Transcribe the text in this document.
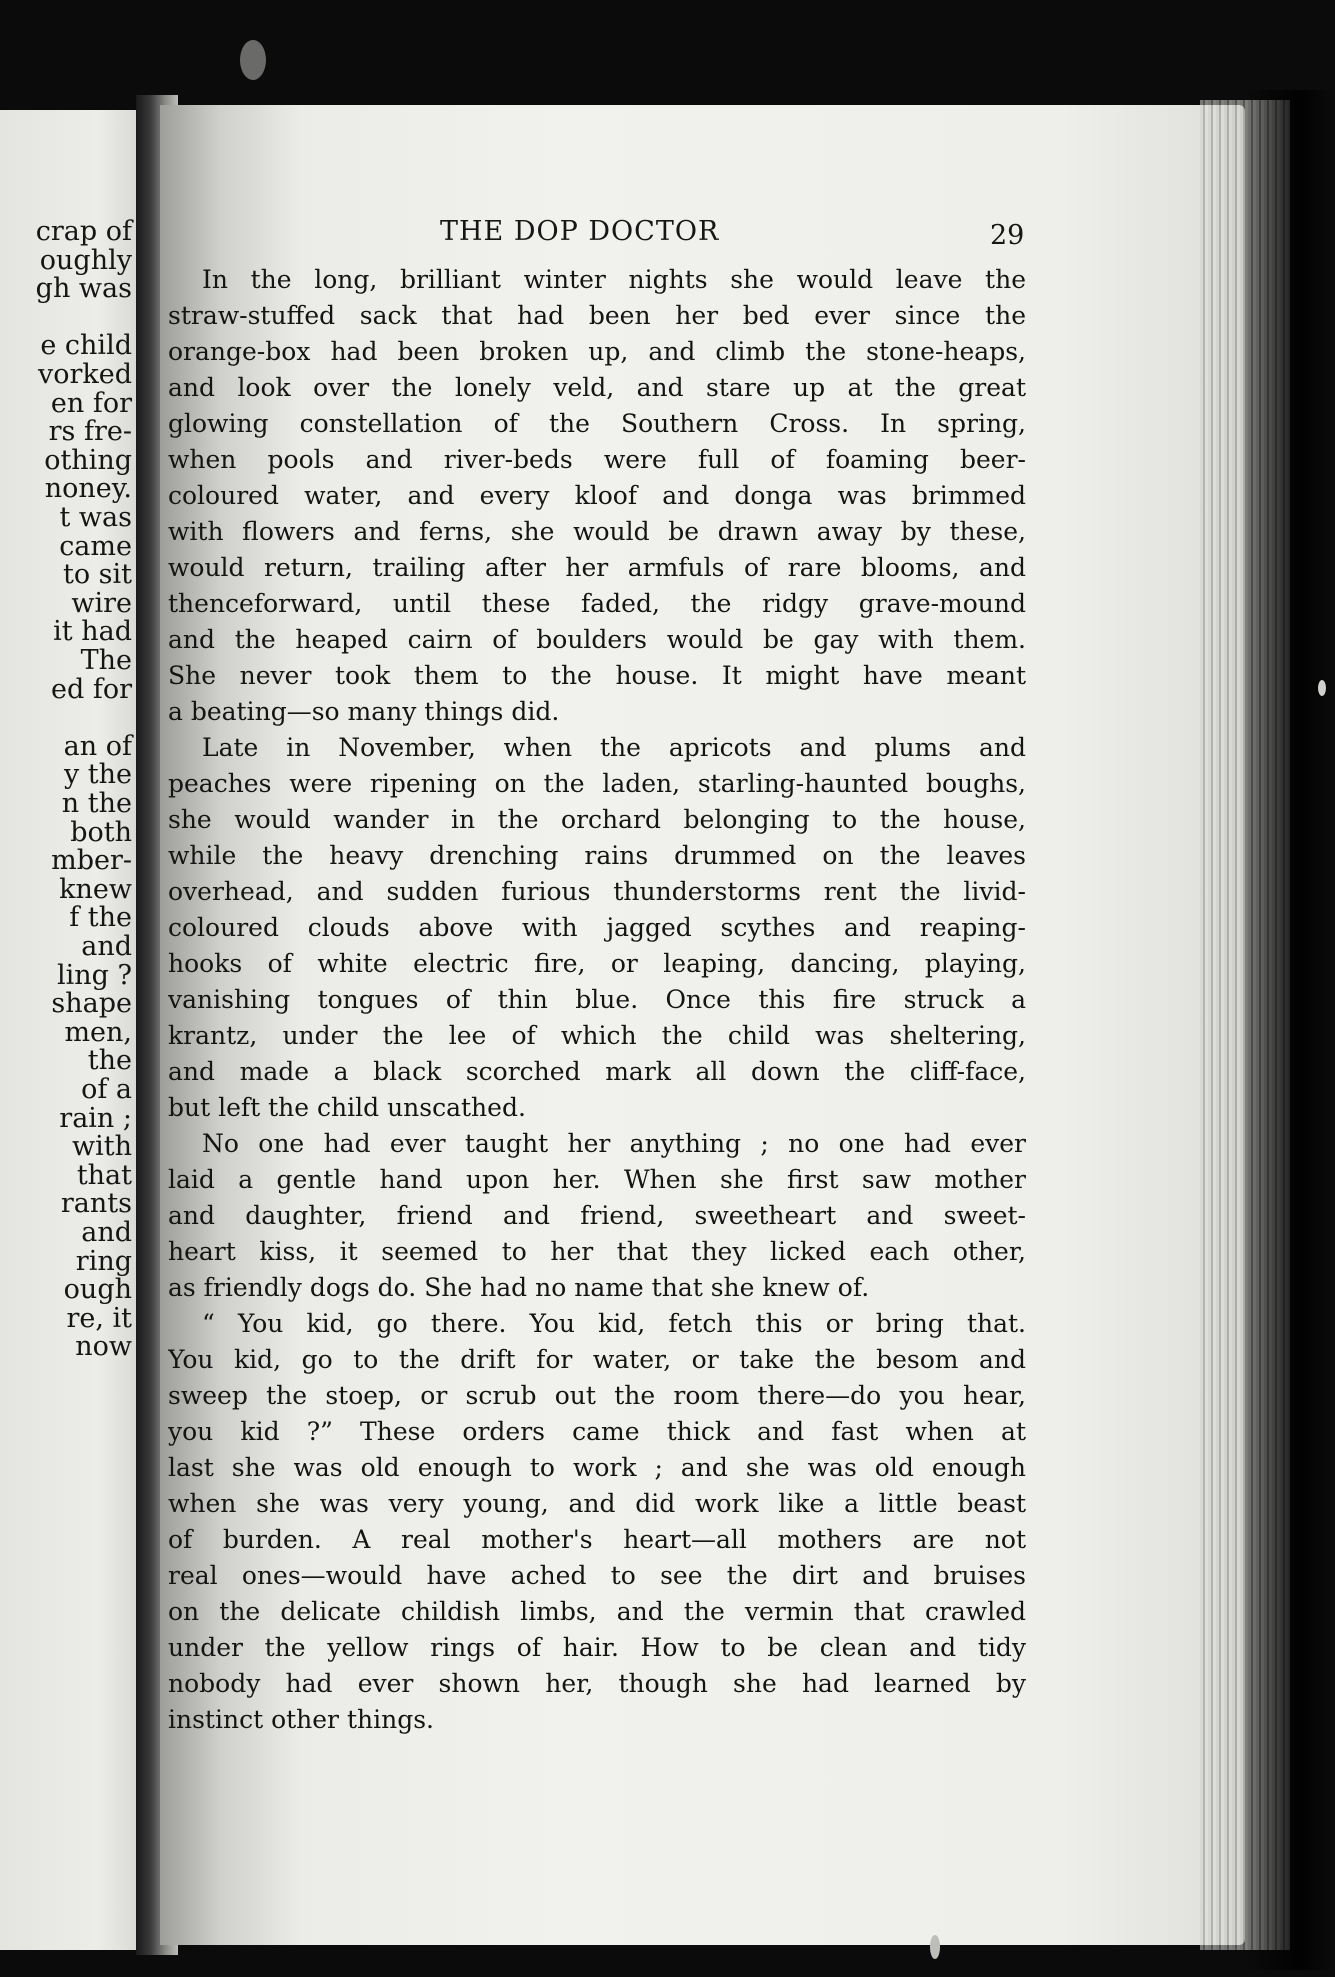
crap of
oughly
gh was
e child
vorked
en for
rs fre-
othing
noney.
t was
came
to sit
wire
it had
The
ed for
an of
y the
n the
both
mber-
knew
f the
and
ling ?
shape
men,
the
of a
rain ;
with
that
rants
and
ring
ough
re, it
now
THE DOP DOCTOR	29
In the long, brilliant winter nights she would leave the
straw-stuffed sack that had been her bed ever since the
orange-box had been broken up, and climb the stone-heaps,
and look over the lonely veld, and stare up at the great
glowing constellation of the Southern Cross. In spring,
when pools and river-beds were full of foaming beer-
coloured water, and every kloof and donga was brimmed
with flowers and ferns, she would be drawn away by these,
would return, trailing after her armfuls of rare blooms, and
thenceforward, until these faded, the ridgy grave-mound
and the heaped cairn of boulders would be gay with them.
She never took them to the house. It might have meant
a beating—so many things did.
Late in November, when the apricots and plums and
peaches were ripening on the laden, starling-haunted boughs,
she would wander in the orchard belonging to the house,
while the heavy drenching rains drummed on the leaves
overhead, and sudden furious thunderstorms rent the livid-
coloured clouds above with jagged scythes and reaping-
hooks of white electric fire, or leaping, dancing, playing,
vanishing tongues of thin blue. Once this fire struck a
krantz, under the lee of which the child was sheltering,
and made a black scorched mark all down the cliff-face,
but left the child unscathed.
No one had ever taught her anything ; no one had ever
laid a gentle hand upon her. When she first saw mother
and daughter, friend and friend, sweetheart and sweet-
heart kiss, it seemed to her that they licked each other,
as friendly dogs do. She had no name that she knew of.
“ You kid, go there. You kid, fetch this or bring that.
You kid, go to the drift for water, or take the besom and
sweep the stoep, or scrub out the room there—do you hear,
you kid ?” These orders came thick and fast when at
last she was old enough to work ; and she was old enough
when she was very young, and did work like a little beast
of burden. A real mother's heart—all mothers are not
real ones—would have ached to see the dirt and bruises
on the delicate childish limbs, and the vermin that crawled
under the yellow rings of hair. How to be clean and tidy
nobody had ever shown her, though she had learned by
instinct other things.
